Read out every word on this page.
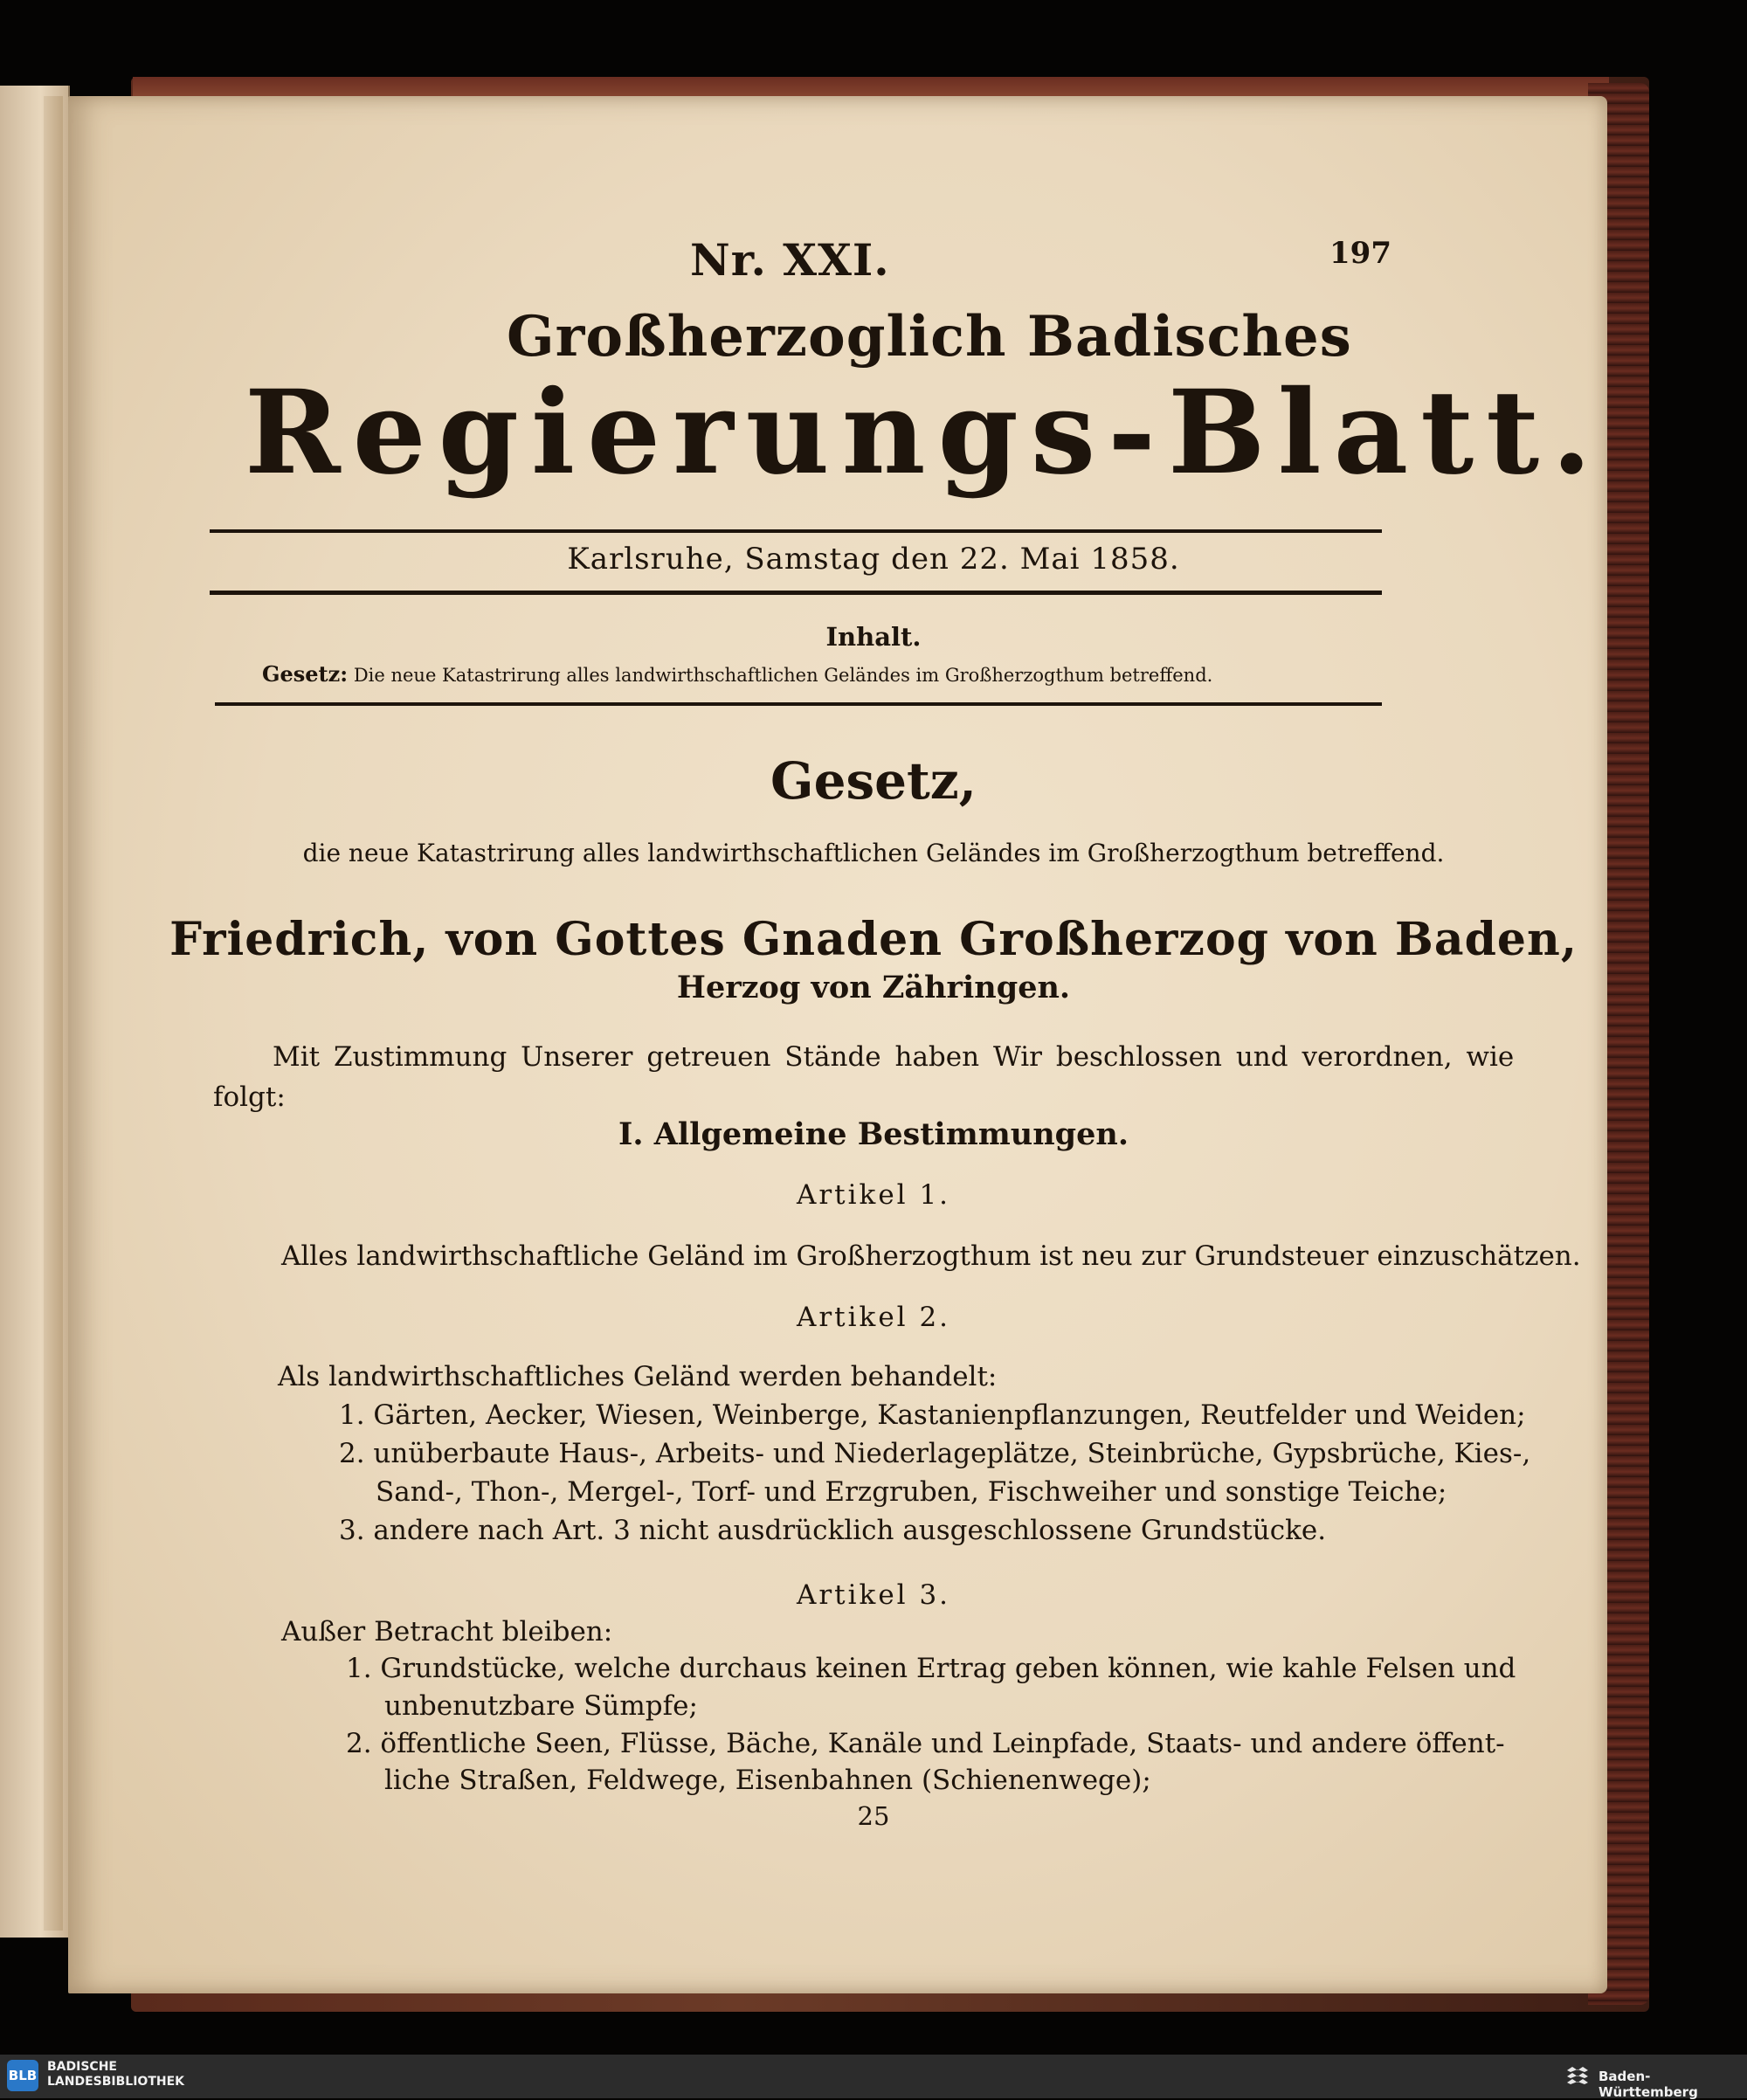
Nr. XXI.	197
Großherzoglich Badisches
Regierungs-Blatt.
Karlsruhe, Samstag den 22. Mai 1858.
Inhalt.
Gesetz: Die neue Katastrirung alles landwirthschaftlichen Geländes im Großherzogthum betreffend.
Gesetz,
die neue Katastrirung alles landwirthschaftlichen Geländes im Großherzogthum betreffend.
Friedrich, von Gottes Gnaden Großherzog von Baden,
Herzog von Zähringen.
Mit Zustimmung Unserer getreuen Stände haben Wir beschlossen und verordnen, wie
folgt:
I. Allgemeine Bestimmungen.
Artikel 1.
Alles landwirthschaftliche Geländ im Großherzogthum ist neu zur Grundsteuer einzuschätzen.
Artikel 2.
Als landwirthschaftliches Geländ werden behandelt:
1. Gärten, Aecker, Wiesen, Weinberge, Kastanienpflanzungen, Reutfelder und Weiden;
2. unüberbaute Haus-, Arbeits- und Niederlageplätze, Steinbrüche, Gypsbrüche, Kies-,
Sand-, Thon-, Mergel-, Torf- und Erzgruben, Fischweiher und sonstige Teiche;
3. andere nach Art. 3 nicht ausdrücklich ausgeschlossene Grundstücke.
Artikel 3.
Außer Betracht bleiben:
1. Grundstücke, welche durchaus keinen Ertrag geben können, wie kahle Felsen und
unbenutzbare Sümpfe;
2. öffentliche Seen, Flüsse, Bäche, Kanäle und Leinpfade, Staats- und andere öffent-
liche Straßen, Feldwege, Eisenbahnen (Schienenwege);
25
BLB
BADISCHE
LANDESBIBLIOTHEK	Baden-Württemberg
